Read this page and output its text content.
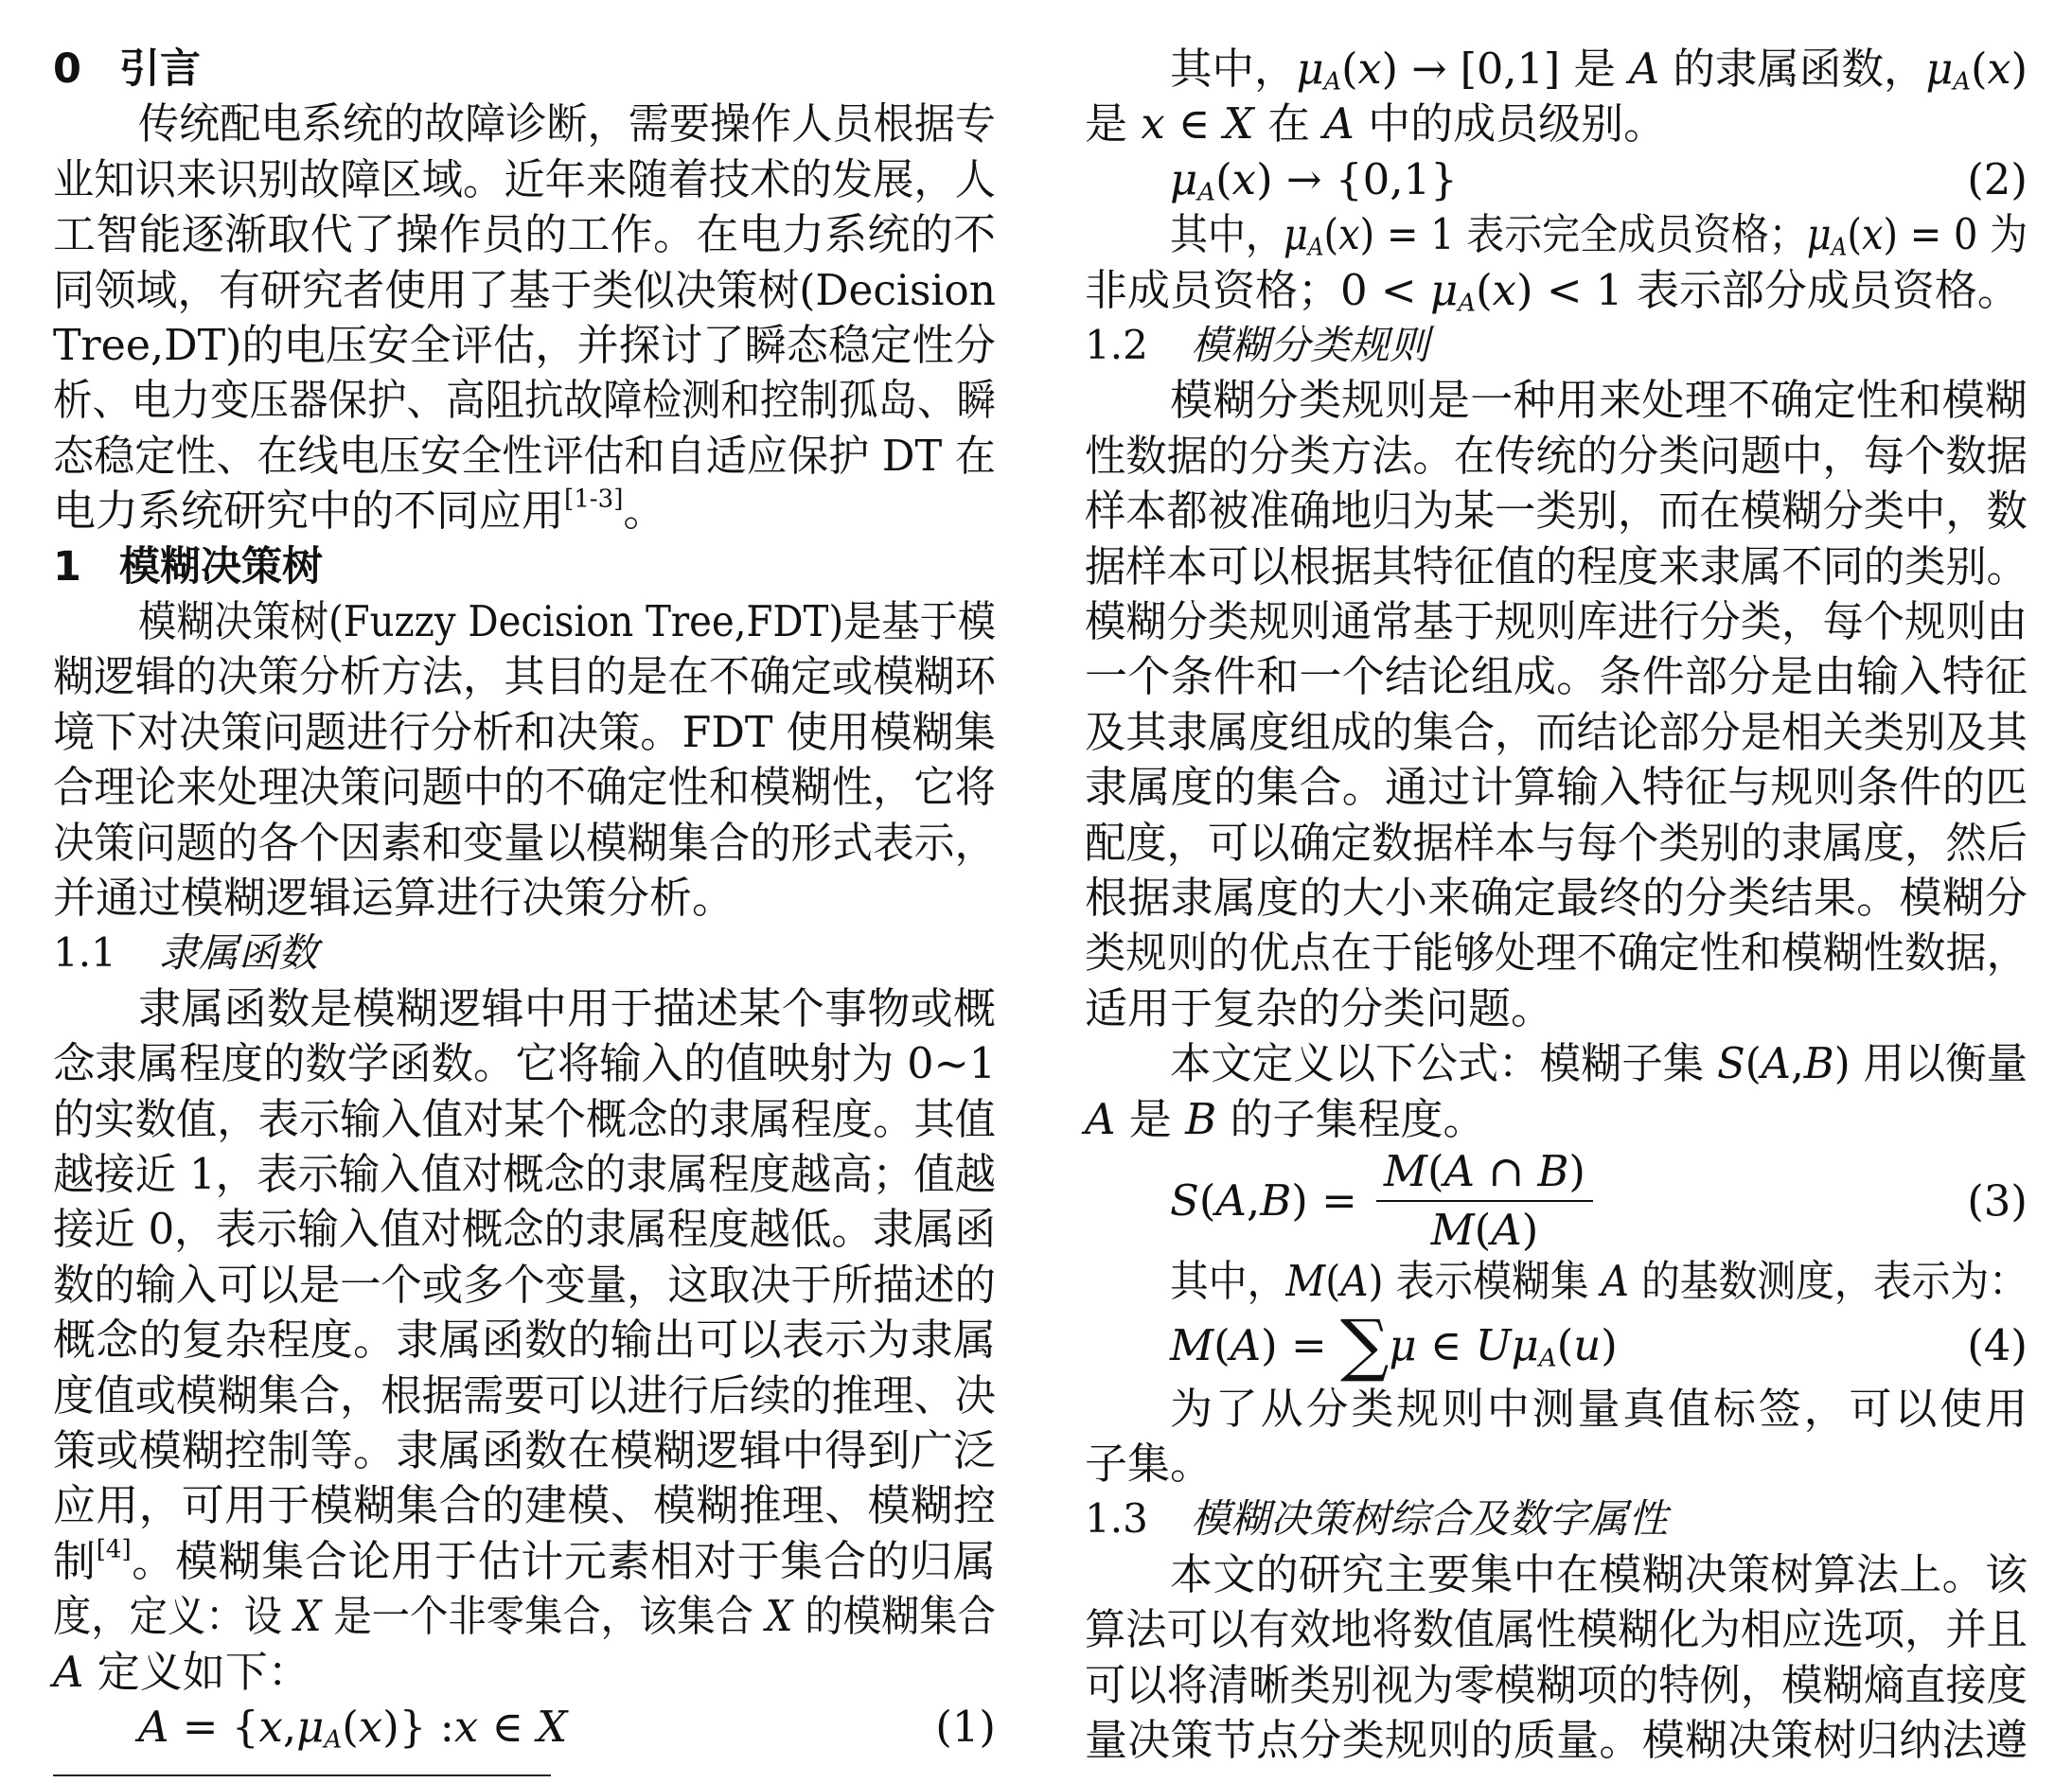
0 引言
传统配电系统的故障诊断，需要操作人员根据专
业知识来识别故障区域。近年来随着技术的发展，人
工智能逐渐取代了操作员的工作。在电力系统的不
同领域，有研究者使用了基于类似决策树(Decision
Tree,DT)的电压安全评估，并探讨了瞬态稳定性分
析、电力变压器保护、高阻抗故障检测和控制孤岛、瞬
态稳定性、在线电压安全性评估和自适应保护 DT 在
电力系统研究中的不同应用[1-3]。
1 模糊决策树
模糊决策树(Fuzzy Decision Tree,FDT)是基于模
糊逻辑的决策分析方法，其目的是在不确定或模糊环
境下对决策问题进行分析和决策。FDT 使用模糊集
合理论来处理决策问题中的不确定性和模糊性，它将
决策问题的各个因素和变量以模糊集合的形式表示，
并通过模糊逻辑运算进行决策分析。
1.1 隶属函数
隶属函数是模糊逻辑中用于描述某个事物或概
念隶属程度的数学函数。它将输入的值映射为 0~1
的实数值，表示输入值对某个概念的隶属程度。其值
越接近 1，表示输入值对概念的隶属程度越高；值越
接近 0，表示输入值对概念的隶属程度越低。隶属函
数的输入可以是一个或多个变量，这取决于所描述的
概念的复杂程度。隶属函数的输出可以表示为隶属
度值或模糊集合，根据需要可以进行后续的推理、决
策或模糊控制等。隶属函数在模糊逻辑中得到广泛
应用，可用于模糊集合的建模、模糊推理、模糊控
制[4]。模糊集合论用于估计元素相对于集合的归属
度，定义：设 X 是一个非零集合，该集合 X 的模糊集合
A 定义如下：
$A = \{x,\mu_A(x)\}$ :x ∈ X	(1)
其中，$\mu_A(x) \to [0,1]$ 是 A 的隶属函数，$\mu_A(x)$
是 x ∈ X 在 A 中的成员级别。
$\mu_A(x) \to \{0,1\}$	(2)
其中，$\mu_A(x) = 1$ 表示完全成员资格；$\mu_A(x) = 0$ 为
非成员资格；$0 < \mu_A(x) < 1$ 表示部分成员资格。
1.2 模糊分类规则
模糊分类规则是一种用来处理不确定性和模糊
性数据的分类方法。在传统的分类问题中，每个数据
样本都被准确地归为某一类别，而在模糊分类中，数
据样本可以根据其特征值的程度来隶属不同的类别。
模糊分类规则通常基于规则库进行分类，每个规则由
一个条件和一个结论组成。条件部分是由输入特征
及其隶属度组成的集合，而结论部分是相关类别及其
隶属度的集合。通过计算输入特征与规则条件的匹
配度，可以确定数据样本与每个类别的隶属度，然后
根据隶属度的大小来确定最终的分类结果。模糊分
类规则的优点在于能够处理不确定性和模糊性数据，
适用于复杂的分类问题。
本文定义以下公式：模糊子集 S(A,B) 用以衡量
A 是 B 的子集程度。
$S(A,B) = \frac{M(A \cap B)}{M(A)}$	(3)
其中，M(A) 表示模糊集 A 的基数测度，表示为：
M(A) = ∑μ ∈ $U\mu_A(u)$	(4)
为了从分类规则中测量真值标签，可以使用
子集。
1.3 模糊决策树综合及数字属性
本文的研究主要集中在模糊决策树算法上。该
算法可以有效地将数值属性模糊化为相应选项，并且
可以将清晰类别视为零模糊项的特例，模糊熵直接度
量决策节点分类规则的质量。模糊决策树归纳法遵
